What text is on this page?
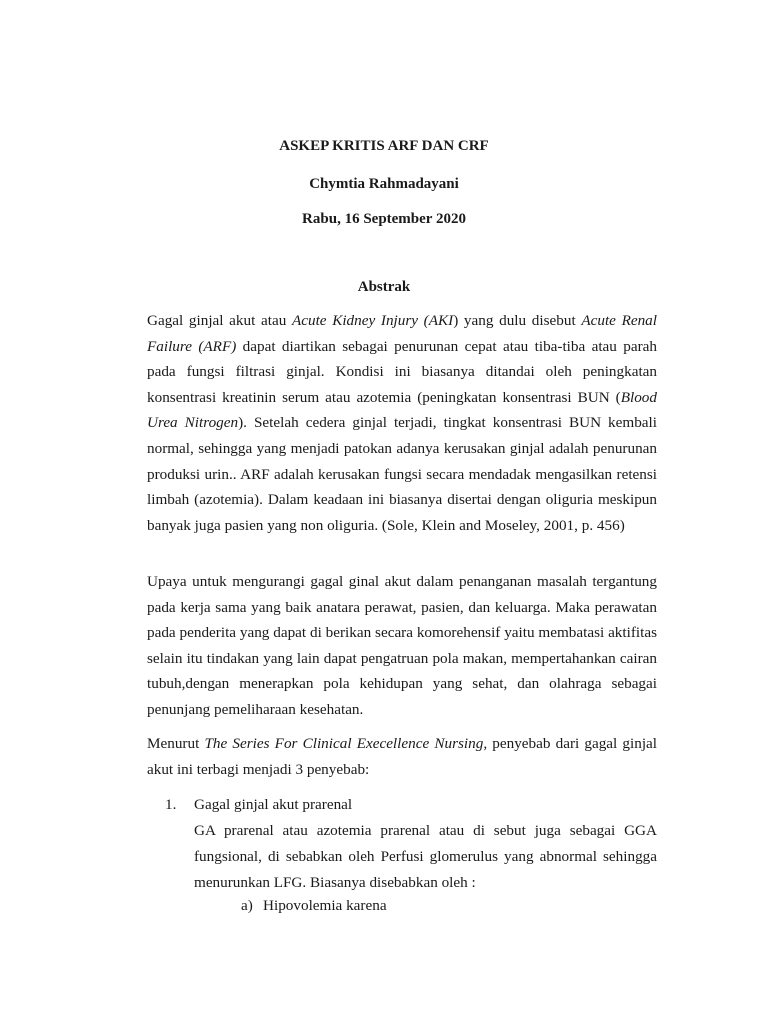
ASKEP KRITIS ARF DAN CRF
Chymtia Rahmadayani
Rabu, 16 September 2020
Abstrak

Gagal ginjal akut atau Acute Kidney Injury (AKI) yang dulu disebut Acute Renal Failure (ARF) dapat diartikan sebagai penurunan cepat atau tiba-tiba atau parah pada fungsi filtrasi ginjal. Kondisi ini biasanya ditandai oleh peningkatan konsentrasi kreatinin serum atau azotemia (peningkatan konsentrasi BUN (Blood Urea Nitrogen). Setelah cedera ginjal terjadi, tingkat konsentrasi BUN kembali normal, sehingga yang menjadi patokan adanya kerusakan ginjal adalah penurunan produksi urin.. ARF adalah kerusakan fungsi secara mendadak mengasilkan retensi limbah (azotemia). Dalam keadaan ini biasanya disertai dengan oliguria meskipun banyak juga pasien yang non oliguria. (Sole, Klein and Moseley, 2001, p. 456)

Upaya untuk mengurangi gagal ginal akut dalam penanganan masalah tergantung pada kerja sama yang baik anatara perawat, pasien, dan keluarga. Maka perawatan pada penderita yang dapat di berikan secara komorehensif yaitu membatasi aktifitas selain itu tindakan yang lain dapat pengatruan pola makan, mempertahankan cairan tubuh,dengan menerapkan pola kehidupan yang sehat, dan olahraga sebagai penunjang pemeliharaan kesehatan.

Menurut The Series For Clinical Execellence Nursing, penyebab dari gagal ginjal akut ini terbagi menjadi 3 penyebab:

1. Gagal ginjal akut prarenal

GA prarenal atau azotemia prarenal atau di sebut juga sebagai GGA fungsional, di sebabkan oleh Perfusi glomerulus yang abnormal sehingga menurunkan LFG. Biasanya disebabkan oleh :

a) Hipovolemia karena
